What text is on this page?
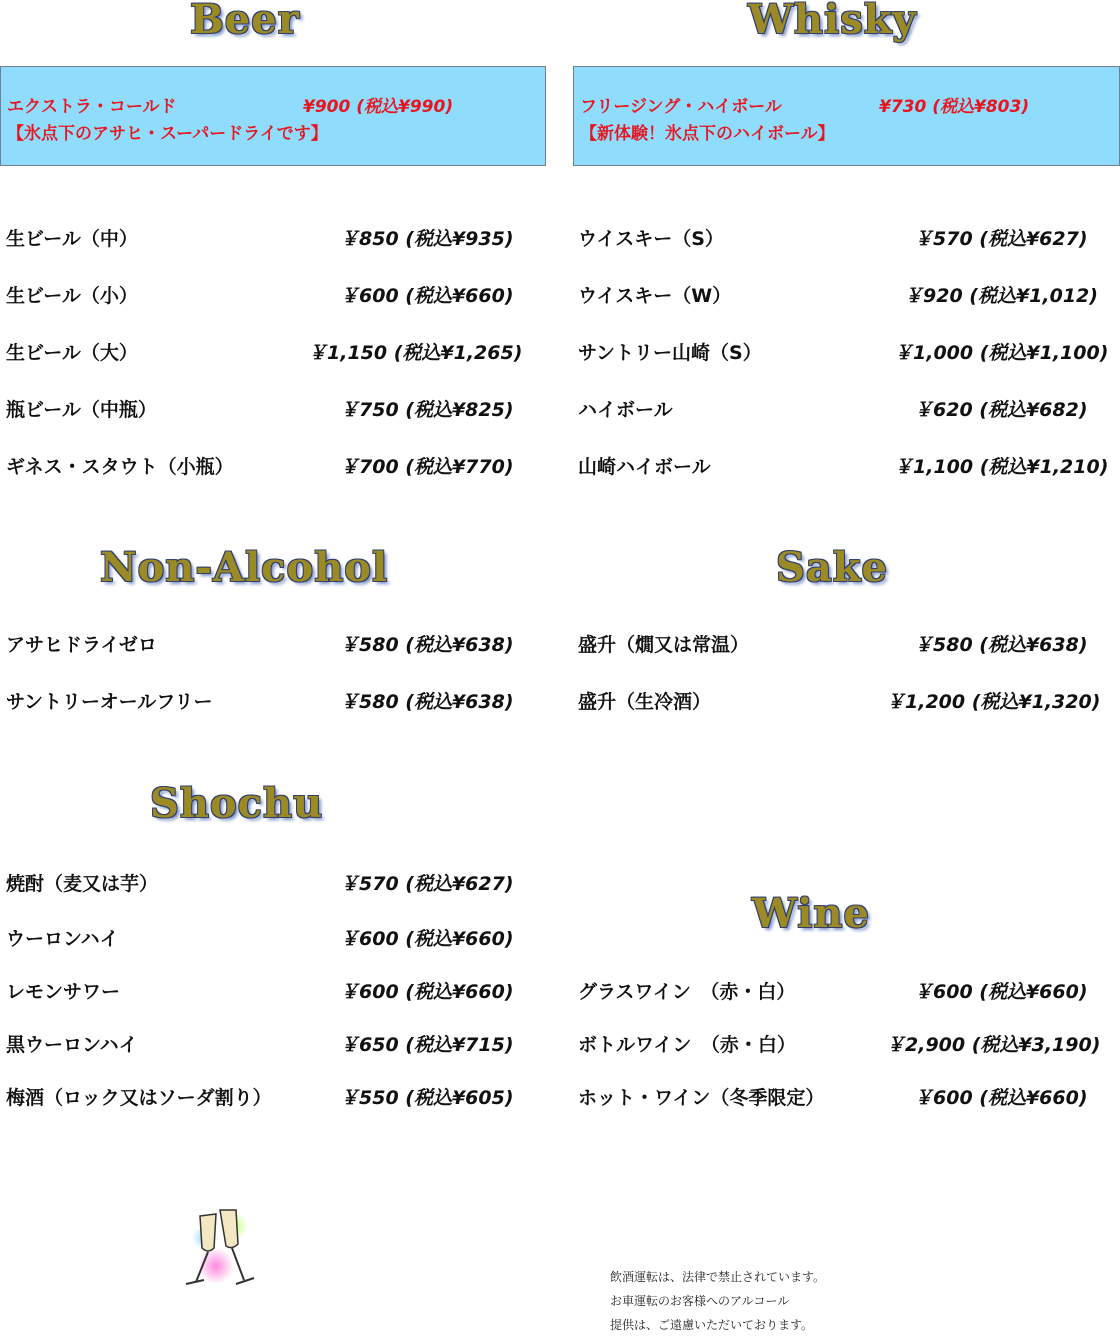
Beer	Whisky
Non-Alcohol	Sake
Shochu
Wine
エクストラ・コールド	¥900 (税込¥990)
【氷点下のアサヒ・スーパードライです】
フリージング・ハイボール	¥730 (税込¥803)
【新体験！氷点下のハイボール】
生ビール（中）	￥850 (税込¥935)
生ビール（小）	￥600 (税込¥660)
生ビール（大）	￥1,150 (税込¥1,265)
瓶ビール（中瓶）	￥750 (税込¥825)
ギネス・スタウト（小瓶）	￥700 (税込¥770)
ウイスキー（S）	￥570 (税込¥627)
ウイスキー（W）	￥920 (税込¥1,012)
サントリー山崎（S）	￥1,000 (税込¥1,100)
ハイボール	￥620 (税込¥682)
山崎ハイボール	￥1,100 (税込¥1,210)
アサヒドライゼロ	￥580 (税込¥638)
サントリーオールフリー	￥580 (税込¥638)
盛升（燗又は常温）	￥580 (税込¥638)
盛升（生冷酒）	￥1,200 (税込¥1,320)
焼酎（麦又は芋）	￥570 (税込¥627)
ウーロンハイ	￥600 (税込¥660)
レモンサワー	￥600 (税込¥660)
黒ウーロンハイ	￥650 (税込¥715)
梅酒（ロック又はソーダ割り）	￥550 (税込¥605)
グラスワイン　（赤・白）	￥600 (税込¥660)
ボトルワイン　（赤・白）	￥2,900 (税込¥3,190)
ホット・ワイン（冬季限定）	￥600 (税込¥660)
飲酒運転は、法律で禁止されています。
お車運転のお客様へのアルコール
提供は、ご遠慮いただいております。
